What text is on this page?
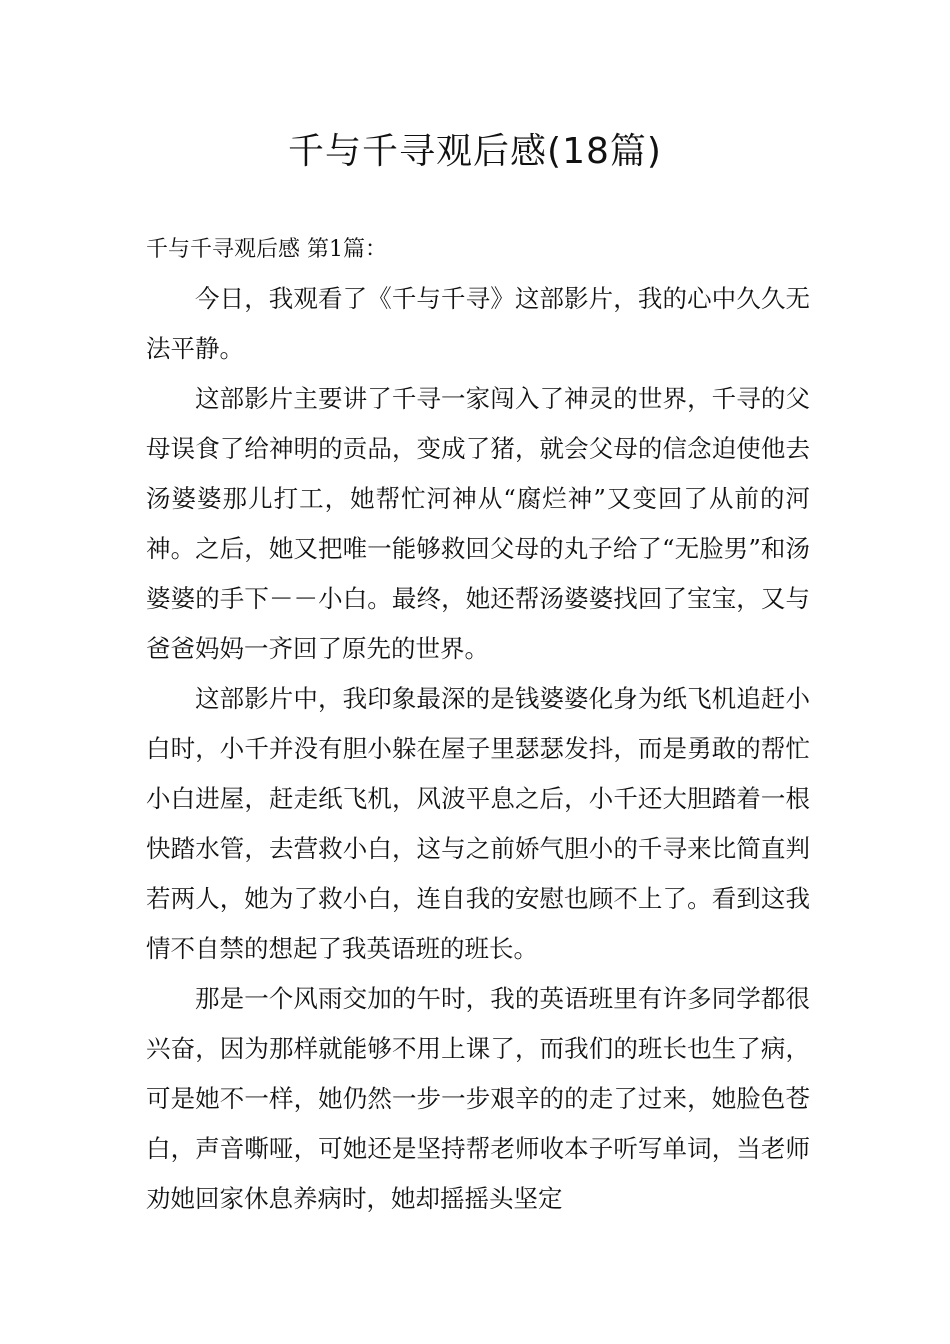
千与千寻观后感(18篇)

千与千寻观后感 第1篇：

今日，我观看了《千与千寻》这部影片，我的心中久久无法平静。

这部影片主要讲了千寻一家闯入了神灵的世界，千寻的父母误食了给神明的贡品，变成了猪，就会父母的信念迫使他去汤婆婆那儿打工，她帮忙河神从“腐烂神”又变回了从前的河神。之后，她又把唯一能够救回父母的丸子给了“无脸男”和汤婆婆的手下－－小白。最终，她还帮汤婆婆找回了宝宝，又与爸爸妈妈一齐回了原先的世界。

这部影片中，我印象最深的是钱婆婆化身为纸飞机追赶小白时，小千并没有胆小躲在屋子里瑟瑟发抖，而是勇敢的帮忙小白进屋，赶走纸飞机，风波平息之后，小千还大胆踏着一根快踏水管，去营救小白，这与之前娇气胆小的千寻来比简直判若两人，她为了救小白，连自我的安慰也顾不上了。看到这我情不自禁的想起了我英语班的班长。

那是一个风雨交加的午时，我的英语班里有许多同学都很兴奋，因为那样就能够不用上课了，而我们的班长也生了病，可是她不一样，她仍然一步一步艰辛的的走了过来，她脸色苍白，声音嘶哑，可她还是坚持帮老师收本子听写单词，当老师劝她回家休息养病时，她却摇摇头坚定
